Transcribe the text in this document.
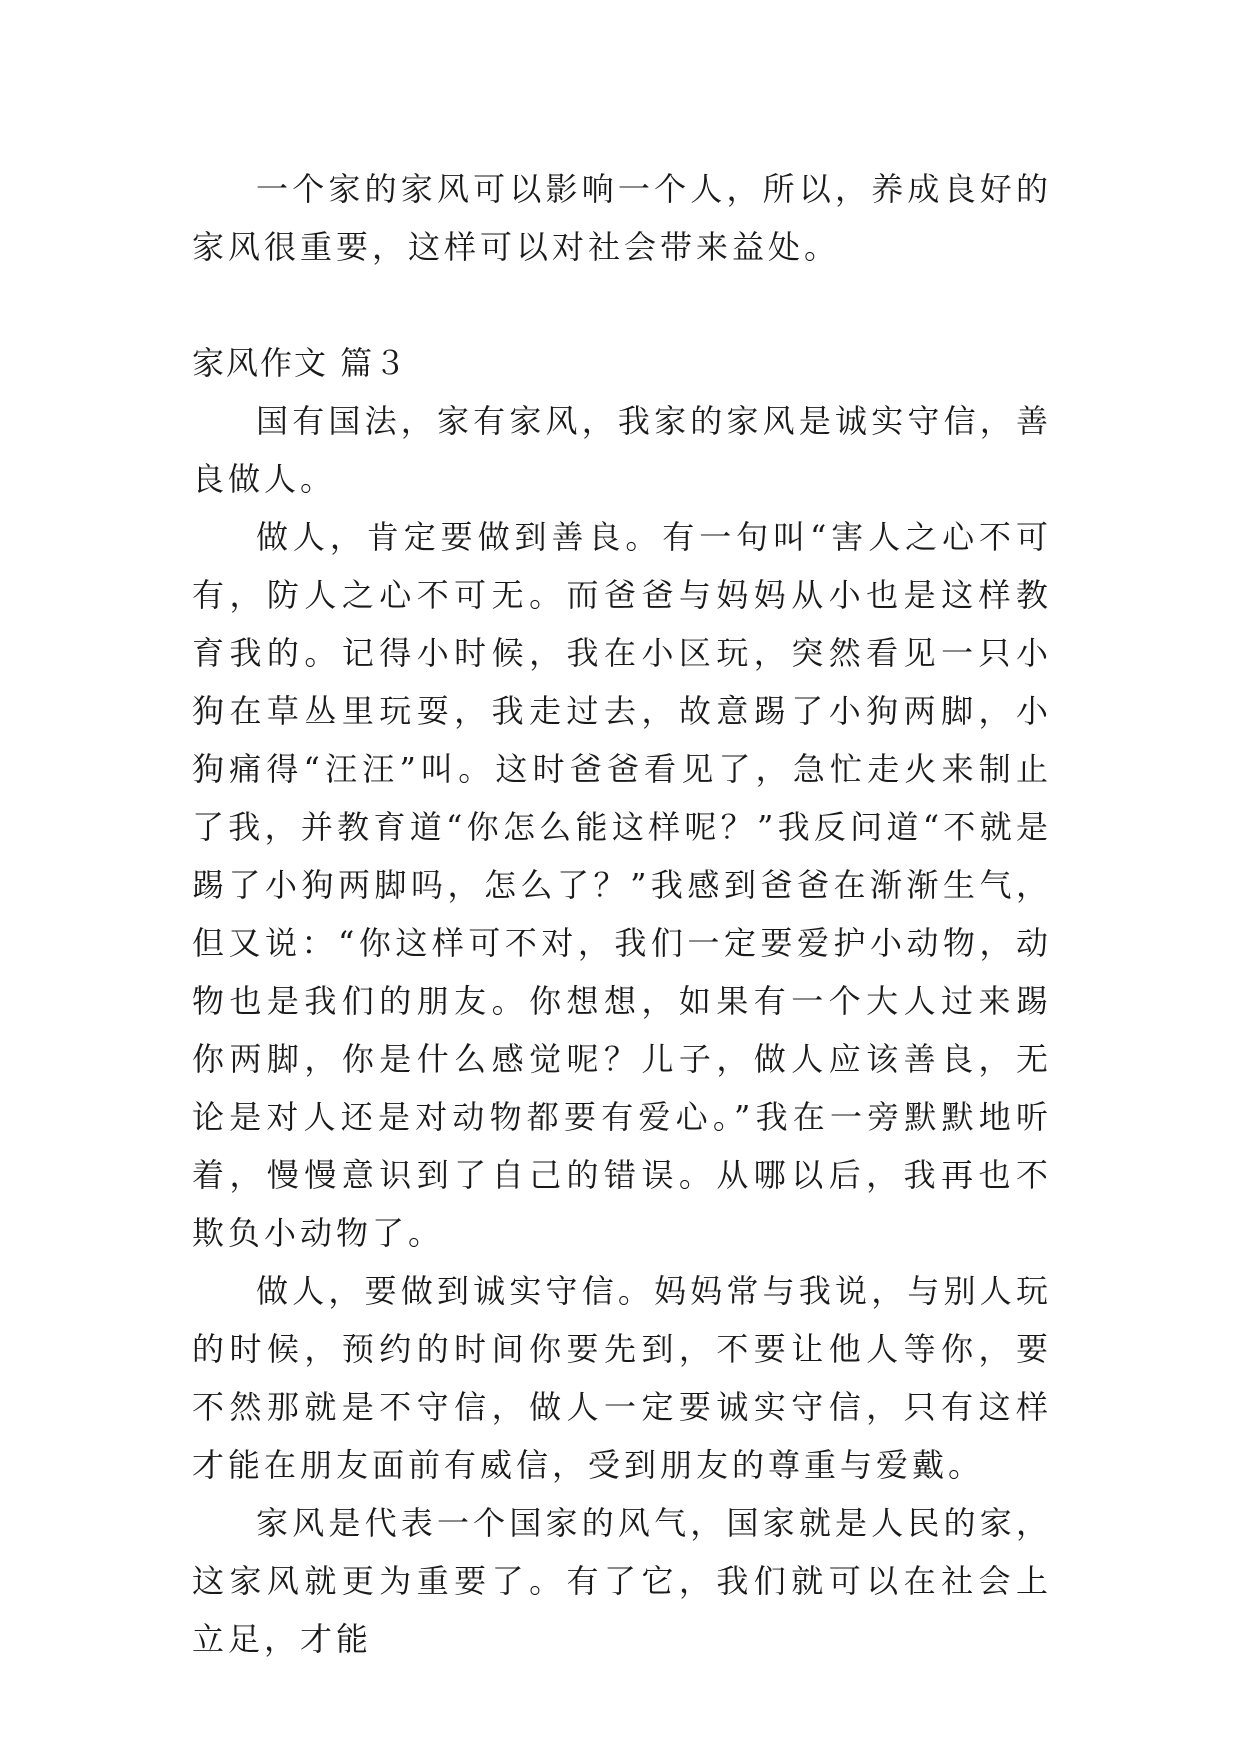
一个家的家风可以影响一个人，所以，养成良好的家风很重要，这样可以对社会带来益处。

家风作文 篇３

国有国法，家有家风，我家的家风是诚实守信，善良做人。

做人，肯定要做到善良。有一句叫“害人之心不可有，防人之心不可无。而爸爸与妈妈从小也是这样教育我的。记得小时候，我在小区玩，突然看见一只小狗在草丛里玩耍，我走过去，故意踢了小狗两脚，小狗痛得“汪汪”叫。这时爸爸看见了，急忙走火来制止了我，并教育道“你怎么能这样呢？”我反问道“不就是踢了小狗两脚吗，怎么了？”我感到爸爸在渐渐生气，但又说：“你这样可不对，我们一定要爱护小动物，动物也是我们的朋友。你想想，如果有一个大人过来踢你两脚，你是什么感觉呢？儿子，做人应该善良，无论是对人还是对动物都要有爱心。”我在一旁默默地听着，慢慢意识到了自己的错误。从哪以后，我再也不欺负小动物了。

做人，要做到诚实守信。妈妈常与我说，与别人玩的时候，预约的时间你要先到，不要让他人等你，要不然那就是不守信，做人一定要诚实守信，只有这样才能在朋友面前有威信，受到朋友的尊重与爱戴。

家风是代表一个国家的风气，国家就是人民的家，这家风就更为重要了。有了它，我们就可以在社会上立足，才能
